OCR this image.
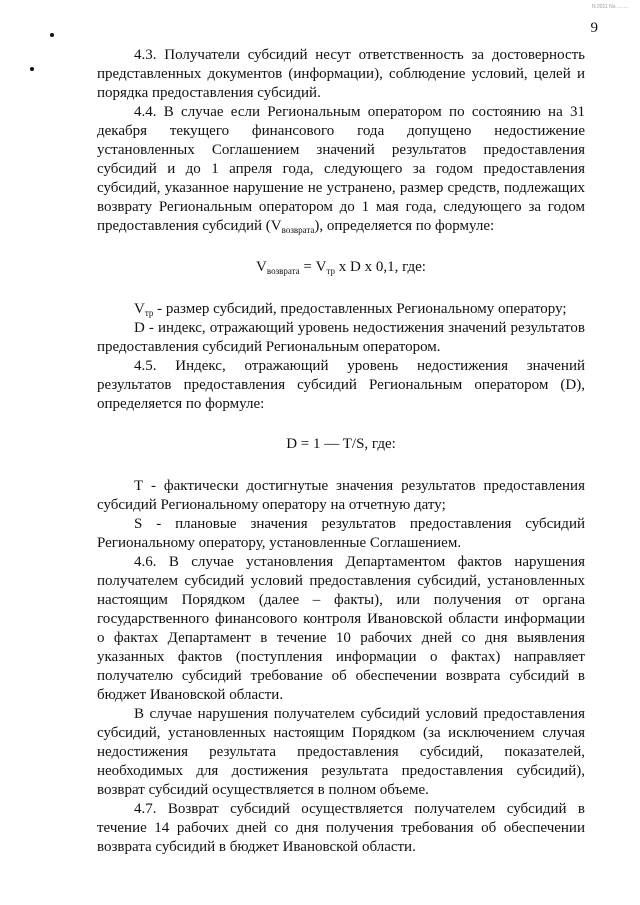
N 2011 No ........
9

4.3. Получатели субсидий несут ответственность за достоверность представленных документов (информации), соблюдение условий, целей и порядка предоставления субсидий.

4.4. В случае если Региональным оператором по состоянию на 31 декабря текущего финансового года допущено недостижение установленных Соглашением значений результатов предоставления субсидий и до 1 апреля года, следующего за годом предоставления субсидий, указанное нарушение не устранено, размер средств, подлежащих возврату Региональным оператором до 1 мая года, следующего за годом предоставления субсидий $(V_{возврата})$, определяется по формуле:

$V_{возврата} = V_{тр}$ x D x 0,1, где:

$V_{тр}$ - размер субсидий, предоставленных Региональному оператору;

D - индекс, отражающий уровень недостижения значений результатов предоставления субсидий Региональным оператором.

4.5. Индекс, отражающий уровень недостижения значений результатов предоставления субсидий Региональным оператором (D), определяется по формуле:

D = 1 — T/S, где:

Т - фактически достигнутые значения результатов предоставления субсидий Региональному оператору на отчетную дату;

S - плановые значения результатов предоставления субсидий Региональному оператору, установленные Соглашением.

4.6. В случае установления Департаментом фактов нарушения получателем субсидий условий предоставления субсидий, установленных настоящим Порядком (далее – факты), или получения от органа государственного финансового контроля Ивановской области информации о фактах Департамент в течение 10 рабочих дней со дня выявления указанных фактов (поступления информации о фактах) направляет получателю субсидий требование об обеспечении возврата субсидий в бюджет Ивановской области.

В случае нарушения получателем субсидий условий предоставления субсидий, установленных настоящим Порядком (за исключением случая недостижения результата предоставления субсидий, показателей, необходимых для достижения результата предоставления субсидий), возврат субсидий осуществляется в полном объеме.

4.7. Возврат субсидий осуществляется получателем субсидий в течение 14 рабочих дней со дня получения требования об обеспечении возврата субсидий в бюджет Ивановской области.
